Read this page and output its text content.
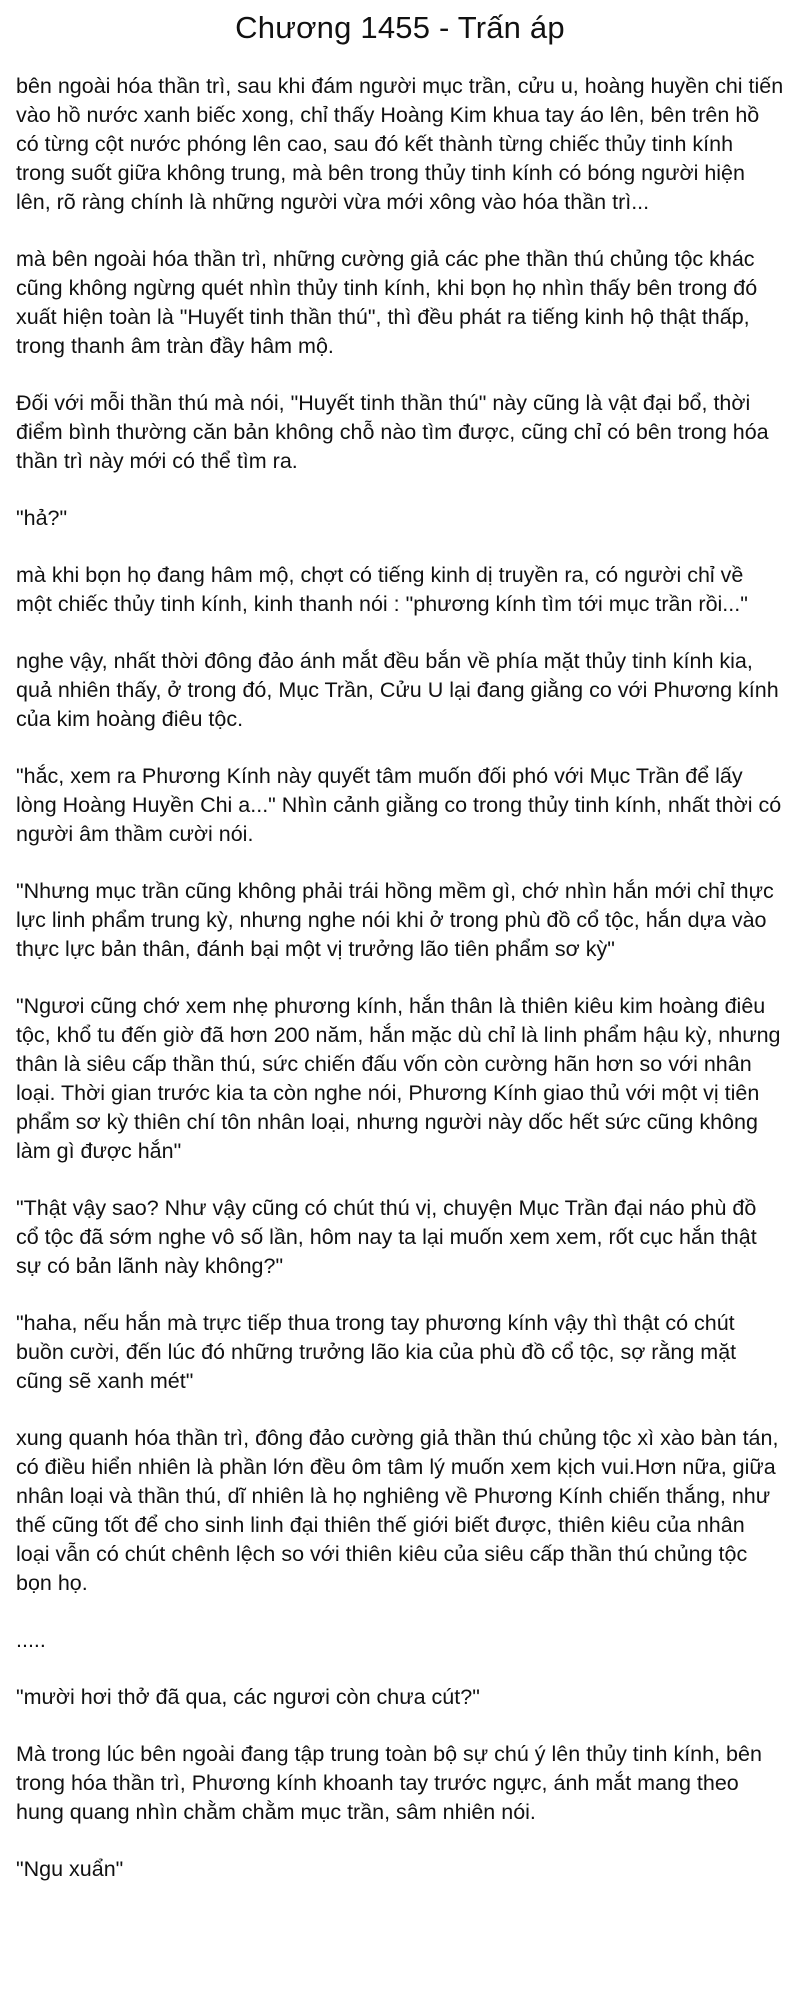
Chương 1455 - Trấn áp

bên ngoài hóa thần trì, sau khi đám người mục trần, cửu u, hoàng huyền chi tiến vào hồ nước xanh biếc xong, chỉ thấy Hoàng Kim khua tay áo lên, bên trên hồ có từng cột nước phóng lên cao, sau đó kết thành từng chiếc thủy tinh kính trong suốt giữa không trung, mà bên trong thủy tinh kính có bóng người hiện lên, rõ ràng chính là những người vừa mới xông vào hóa thần trì...

mà bên ngoài hóa thần trì, những cường giả các phe thần thú chủng tộc khác cũng không ngừng quét nhìn thủy tinh kính, khi bọn họ nhìn thấy bên trong đó xuất hiện toàn là "Huyết tinh thần thú", thì đều phát ra tiếng kinh hộ thật thấp, trong thanh âm tràn đầy hâm mộ.

Đối với mỗi thần thú mà nói, "Huyết tinh thần thú" này cũng là vật đại bổ, thời điểm bình thường căn bản không chỗ nào tìm được, cũng chỉ có bên trong hóa thần trì này mới có thể tìm ra.

"hả?"

mà khi bọn họ đang hâm mộ, chợt có tiếng kinh dị truyền ra, có người chỉ về một chiếc thủy tinh kính, kinh thanh nói : "phương kính tìm tới mục trần rồi..."

nghe vậy, nhất thời đông đảo ánh mắt đều bắn về phía mặt thủy tinh kính kia, quả nhiên thấy, ở trong đó, Mục Trần, Cửu U lại đang giằng co với Phương kính của kim hoàng điêu tộc.

"hắc, xem ra Phương Kính này quyết tâm muốn đối phó với Mục Trần để lấy lòng Hoàng Huyền Chi a..." Nhìn cảnh giằng co trong thủy tinh kính, nhất thời có người âm thầm cười nói.

"Nhưng mục trần cũng không phải trái hồng mềm gì, chớ nhìn hắn mới chỉ thực lực linh phẩm trung kỳ, nhưng nghe nói khi ở trong phù đồ cổ tộc, hắn dựa vào thực lực bản thân, đánh bại một vị trưởng lão tiên phẩm sơ kỳ"

"Ngươi cũng chớ xem nhẹ phương kính, hắn thân là thiên kiêu kim hoàng điêu tộc, khổ tu đến giờ đã hơn 200 năm, hắn mặc dù chỉ là linh phẩm hậu kỳ, nhưng thân là siêu cấp thần thú, sức chiến đấu vốn còn cường hãn hơn so với nhân loại. Thời gian trước kia ta còn nghe nói, Phương Kính giao thủ với một vị tiên phẩm sơ kỳ thiên chí tôn nhân loại, nhưng người này dốc hết sức cũng không làm gì được hắn"

"Thật vậy sao? Như vậy cũng có chút thú vị, chuyện Mục Trần đại náo phù đồ cổ tộc đã sớm nghe vô số lần, hôm nay ta lại muốn xem xem, rốt cục hắn thật sự có bản lãnh này không?"

"haha, nếu hắn mà trực tiếp thua trong tay phương kính vậy thì thật có chút buồn cười, đến lúc đó những trưởng lão kia của phù đồ cổ tộc, sợ rằng mặt cũng sẽ xanh mét"

xung quanh hóa thần trì, đông đảo cường giả thần thú chủng tộc xì xào bàn tán, có điều hiển nhiên là phần lớn đều ôm tâm lý muốn xem kịch vui.Hơn nữa, giữa nhân loại và thần thú, dĩ nhiên là họ nghiêng về Phương Kính chiến thắng, như thế cũng tốt để cho sinh linh đại thiên thế giới biết được, thiên kiêu của nhân loại vẫn có chút chênh lệch so với thiên kiêu của siêu cấp thần thú chủng tộc bọn họ.

.....

"mười hơi thở đã qua, các ngươi còn chưa cút?"

Mà trong lúc bên ngoài đang tập trung toàn bộ sự chú ý lên thủy tinh kính, bên trong hóa thần trì, Phương kính khoanh tay trước ngực, ánh mắt mang theo hung quang nhìn chằm chằm mục trần, sâm nhiên nói.

"Ngu xuẩn"
